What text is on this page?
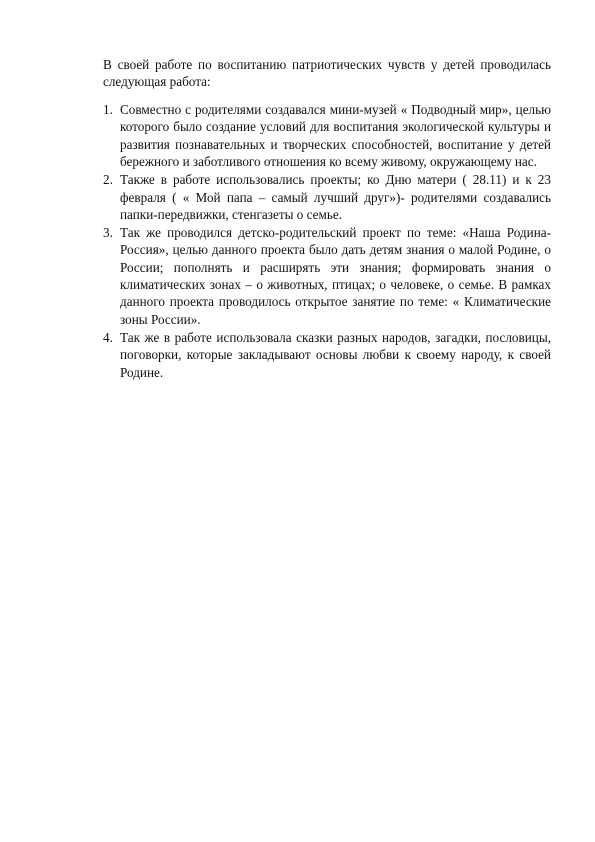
В своей работе по воспитанию патриотических чувств у детей проводилась следующая работа:

1. Совместно с родителями создавался мини-музей « Подводный мир», целью которого было создание условий для воспитания экологической культуры и развития познавательных и творческих способностей, воспитание у детей бережного и заботливого отношения ко всему живому, окружающему нас.
2. Также в работе использовались проекты; ко Дню матери ( 28.11) и к 23 февраля ( « Мой папа – самый лучший друг»)- родителями создавались папки-передвижки, стенгазеты о семье.
3. Так же проводился детско-родительский проект по теме: «Наша Родина-Россия», целью данного проекта было дать детям знания о малой Родине, о России; пополнять и расширять эти знания; формировать знания о климатических зонах – о животных, птицах; о человеке, о семье. В рамках данного проекта проводилось открытое занятие по теме: « Климатические зоны России».
4. Так же в работе использовала сказки разных народов, загадки, пословицы, поговорки, которые закладывают основы любви к своему народу, к своей Родине.
